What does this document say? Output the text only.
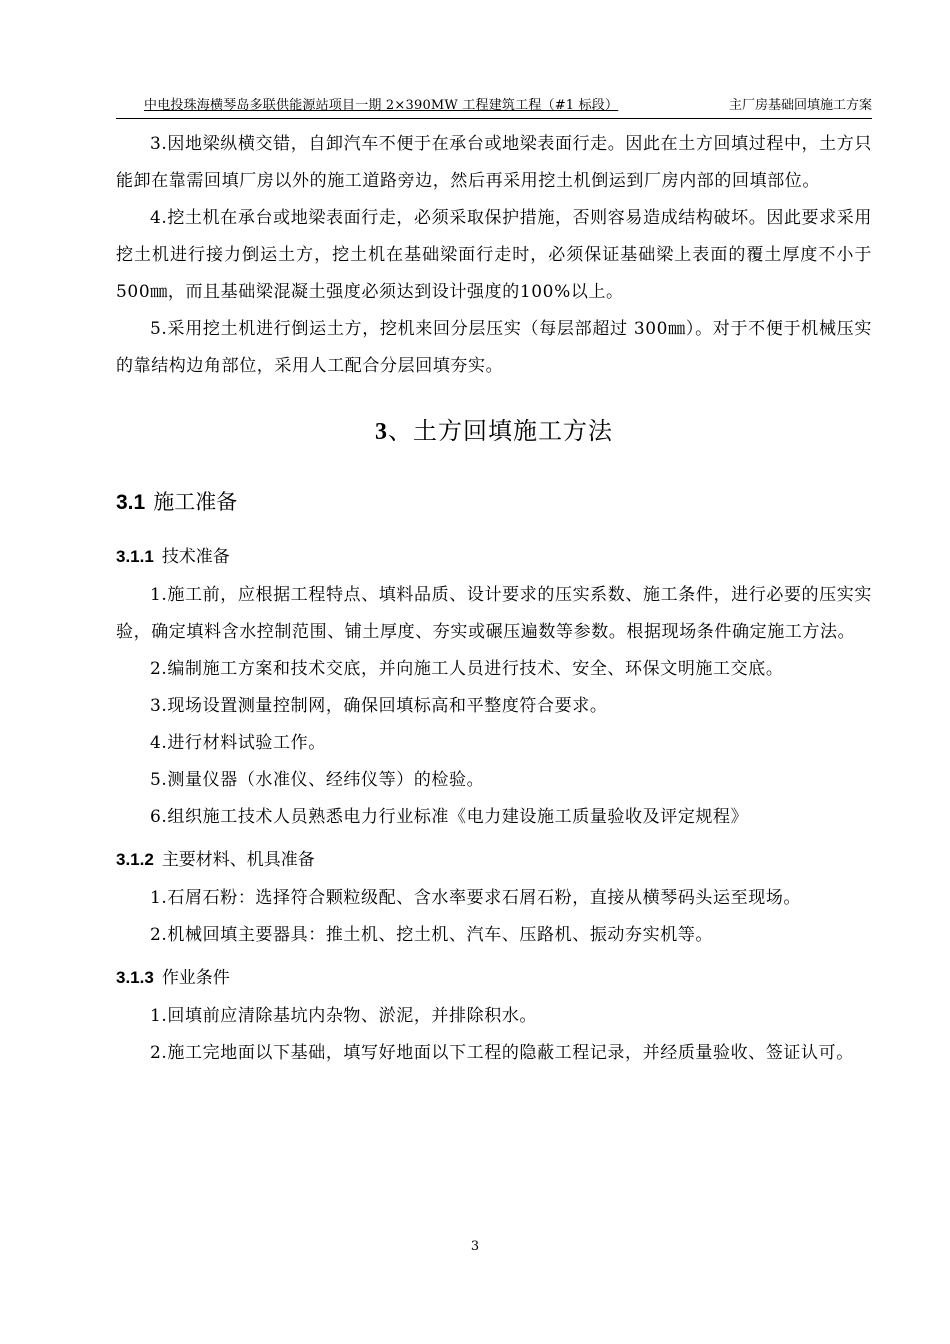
中电投珠海横琴岛多联供能源站项目一期 2×390MW 工程建筑工程（#1 标段）	主厂房基础回填施工方案

3.因地梁纵横交错，自卸汽车不便于在承台或地梁表面行走。因此在土方回填过程中，土方只能卸在靠需回填厂房以外的施工道路旁边，然后再采用挖土机倒运到厂房内部的回填部位。

4.挖土机在承台或地梁表面行走，必须采取保护措施，否则容易造成结构破坏。因此要求采用挖土机进行接力倒运土方，挖土机在基础梁面行走时，必须保证基础梁上表面的覆土厚度不小于500㎜，而且基础梁混凝土强度必须达到设计强度的100%以上。

5.采用挖土机进行倒运土方，挖机来回分层压实（每层部超过 300㎜）。对于不便于机械压实的靠结构边角部位，采用人工配合分层回填夯实。

3、土方回填施工方法
3.1 施工准备
3.1.1 技术准备

1.施工前，应根据工程特点、填料品质、设计要求的压实系数、施工条件，进行必要的压实实验，确定填料含水控制范围、铺土厚度、夯实或碾压遍数等参数。根据现场条件确定施工方法。

2.编制施工方案和技术交底，并向施工人员进行技术、安全、环保文明施工交底。

3.现场设置测量控制网，确保回填标高和平整度符合要求。

4.进行材料试验工作。

5.测量仪器（水准仪、经纬仪等）的检验。

6.组织施工技术人员熟悉电力行业标准《电力建设施工质量验收及评定规程》

3.1.2 主要材料、机具准备

1.石屑石粉：选择符合颗粒级配、含水率要求石屑石粉，直接从横琴码头运至现场。

2.机械回填主要器具：推土机、挖土机、汽车、压路机、振动夯实机等。

3.1.3 作业条件

1.回填前应清除基坑内杂物、淤泥，并排除积水。

2.施工完地面以下基础，填写好地面以下工程的隐蔽工程记录，并经质量验收、签证认可。

3
